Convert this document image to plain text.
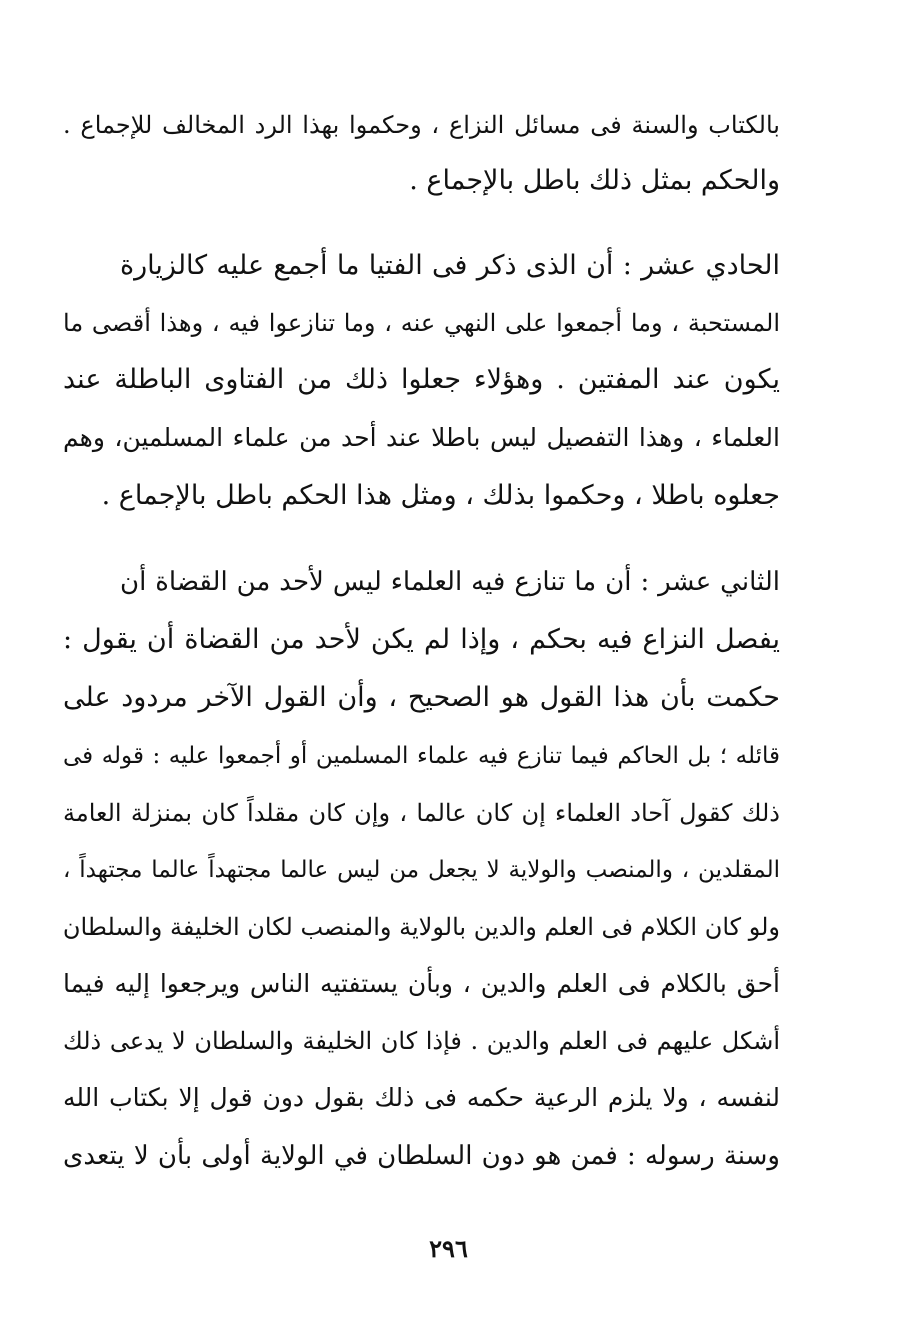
بالكتاب والسنة فى مسائل النزاع ، وحكموا بهذا الرد المخالف للإجماع .
والحكم بمثل ذلك باطل بالإجماع .
الحادي عشر : أن الذى ذكر فى الفتيا ما أجمع عليه كالزيارة
المستحبة ، وما أجمعوا على النهي عنه ، وما تنازعوا فيه ، وهذا أقصى ما
يكون عند المفتين . وهؤلاء جعلوا ذلك من الفتاوى الباطلة عند
العلماء ، وهذا التفصيل ليس باطلا عند أحد من علماء المسلمين، وهم
جعلوه باطلا ، وحكموا بذلك ، ومثل هذا الحكم باطل بالإجماع .
الثاني عشر : أن ما تنازع فيه العلماء ليس لأحد من القضاة أن
يفصل النزاع فيه بحكم ، وإذا لم يكن لأحد من القضاة أن يقول :
حكمت بأن هذا القول هو الصحيح ، وأن القول الآخر مردود على
قائله ؛ بل الحاكم فيما تنازع فيه علماء المسلمين أو أجمعوا عليه : قوله فى
ذلك كقول آحاد العلماء إن كان عالما ، وإن كان مقلداً كان بمنزلة العامة
المقلدين ، والمنصب والولاية لا يجعل من ليس عالما مجتهداً عالما مجتهداً ،
ولو كان الكلام فى العلم والدين بالولاية والمنصب لكان الخليفة والسلطان
أحق بالكلام فى العلم والدين ، وبأن يستفتيه الناس ويرجعوا إليه فيما
أشكل عليهم فى العلم والدين . فإذا كان الخليفة والسلطان لا يدعى ذلك
لنفسه ، ولا يلزم الرعية حكمه فى ذلك بقول دون قول إلا بكتاب الله
وسنة رسوله : فمن هو دون السلطان في الولاية أولى بأن لا يتعدى
٢٩٦
